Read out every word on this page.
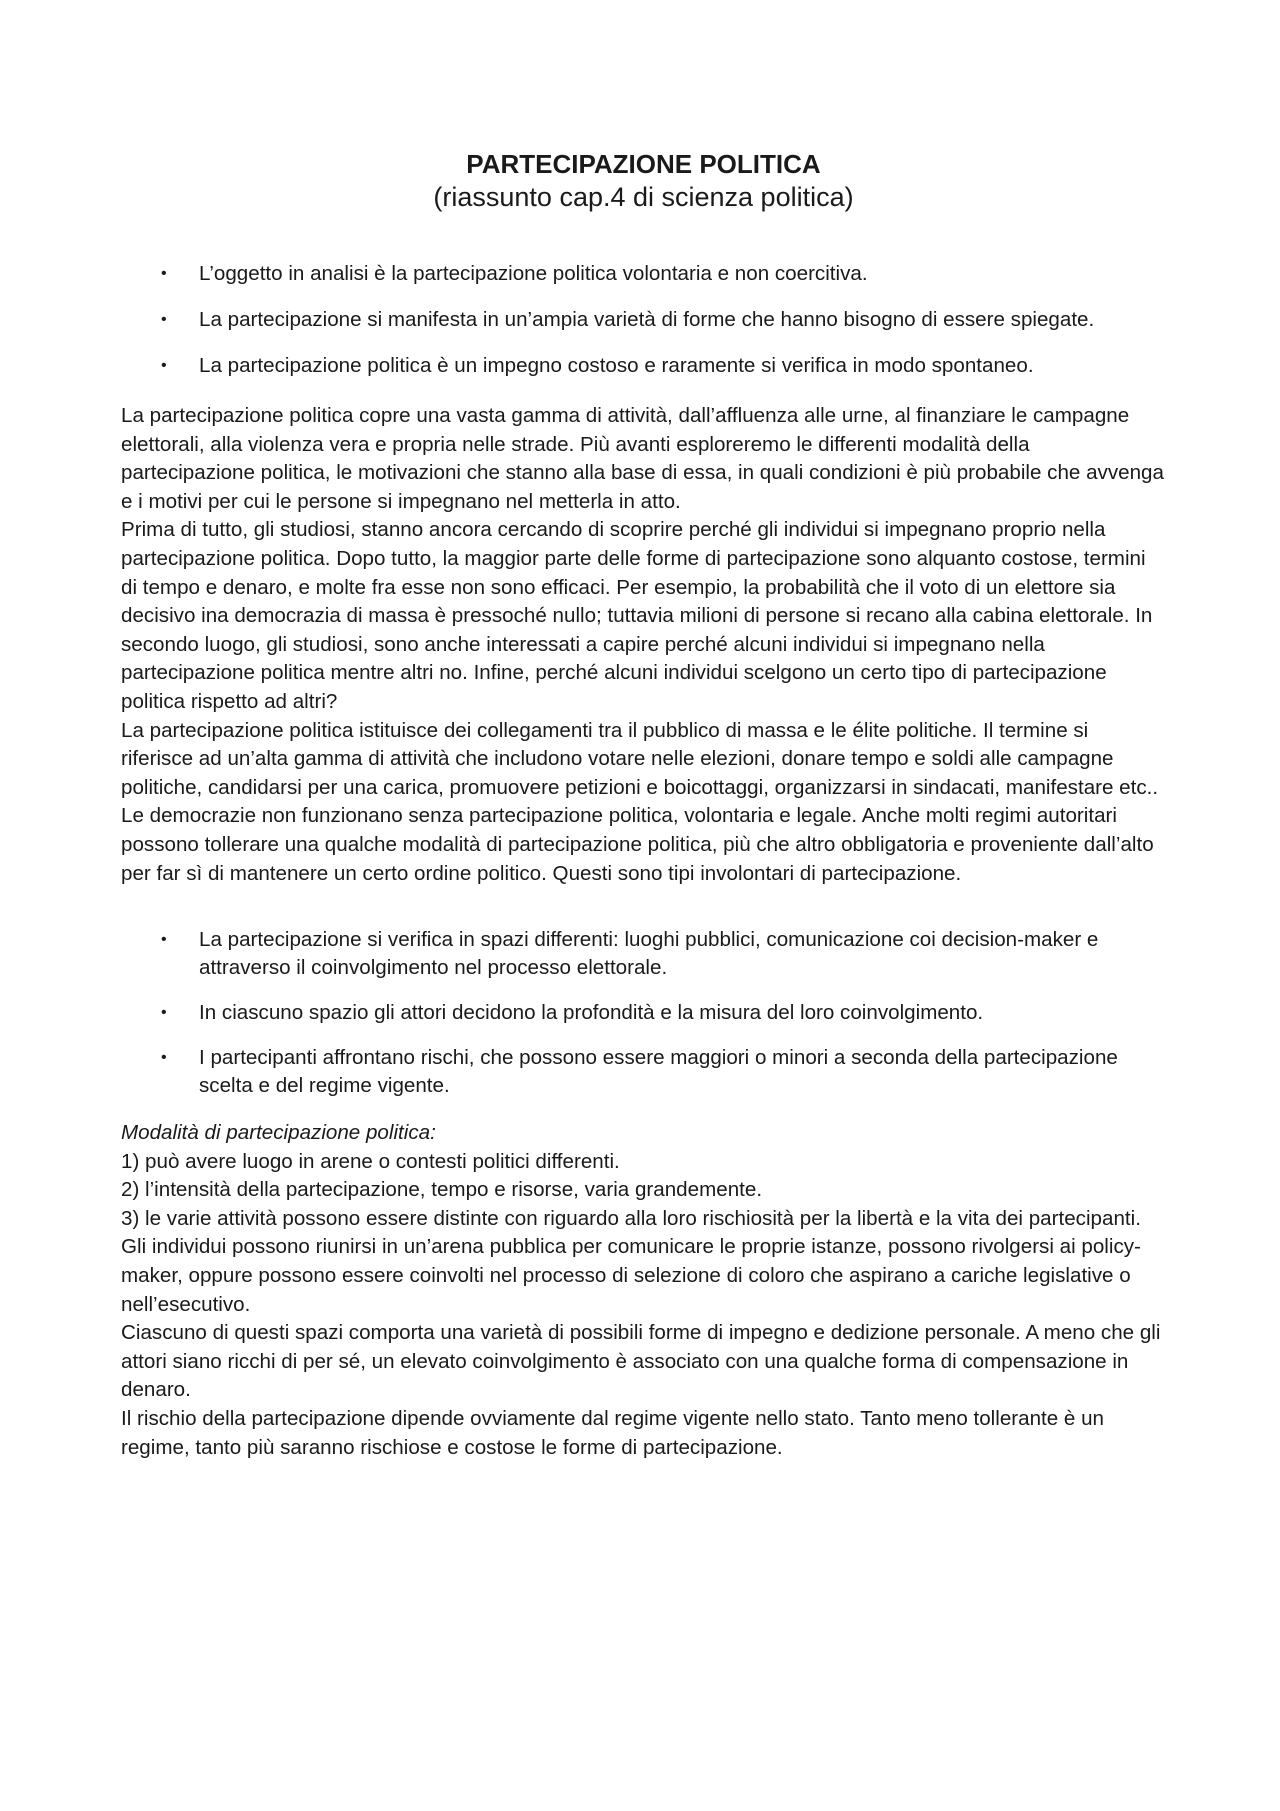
PARTECIPAZIONE POLITICA

(riassunto cap.4 di scienza politica)

• L’oggetto in analisi è la partecipazione politica volontaria e non coercitiva.
• La partecipazione si manifesta in un’ampia varietà di forme che hanno bisogno di essere spiegate.
• La partecipazione politica è un impegno costoso e raramente si verifica in modo spontaneo.

La partecipazione politica copre una vasta gamma di attività, dall’affluenza alle urne, al finanziare le campagne elettorali, alla violenza vera e propria nelle strade. Più avanti esploreremo le differenti modalità della partecipazione politica, le motivazioni che stanno alla base di essa, in quali condizioni è più probabile che avvenga e i motivi per cui le persone si impegnano nel metterla in atto.

Prima di tutto, gli studiosi, stanno ancora cercando di scoprire perché gli individui si impegnano proprio nella partecipazione politica. Dopo tutto, la maggior parte delle forme di partecipazione sono alquanto costose, termini di tempo e denaro, e molte fra esse non sono efficaci. Per esempio, la probabilità che il voto di un elettore sia decisivo ina democrazia di massa è pressoché nullo; tuttavia milioni di persone si recano alla cabina elettorale. In secondo luogo, gli studiosi, sono anche interessati a capire perché alcuni individui si impegnano nella partecipazione politica mentre altri no. Infine, perché alcuni individui scelgono un certo tipo di partecipazione politica rispetto ad altri?

La partecipazione politica istituisce dei collegamenti tra il pubblico di massa e le élite politiche. Il termine si riferisce ad un’alta gamma di attività che includono votare nelle elezioni, donare tempo e soldi alle campagne politiche, candidarsi per una carica, promuovere petizioni e boicottaggi, organizzarsi in sindacati, manifestare etc..

Le democrazie non funzionano senza partecipazione politica, volontaria e legale. Anche molti regimi autoritari possono tollerare una qualche modalità di partecipazione politica, più che altro obbligatoria e proveniente dall’alto per far sì di mantenere un certo ordine politico. Questi sono tipi involontari di partecipazione.

• La partecipazione si verifica in spazi differenti: luoghi pubblici, comunicazione coi decision-maker e attraverso il coinvolgimento nel processo elettorale.
• In ciascuno spazio gli attori decidono la profondità e la misura del loro coinvolgimento.
• I partecipanti affrontano rischi, che possono essere maggiori o minori a seconda della partecipazione scelta e del regime vigente.

Modalità di partecipazione politica:

1) può avere luogo in arene o contesti politici differenti.

2) l’intensità della partecipazione, tempo e risorse, varia grandemente.

3) le varie attività possono essere distinte con riguardo alla loro rischiosità per la libertà e la vita dei partecipanti.

Gli individui possono riunirsi in un’arena pubblica per comunicare le proprie istanze, possono rivolgersi ai policy-maker, oppure possono essere coinvolti nel processo di selezione di coloro che aspirano a cariche legislative o nell’esecutivo.

Ciascuno di questi spazi comporta una varietà di possibili forme di impegno e dedizione personale. A meno che gli attori siano ricchi di per sé, un elevato coinvolgimento è associato con una qualche forma di compensazione in denaro.

Il rischio della partecipazione dipende ovviamente dal regime vigente nello stato. Tanto meno tollerante è un regime, tanto più saranno rischiose e costose le forme di partecipazione.
